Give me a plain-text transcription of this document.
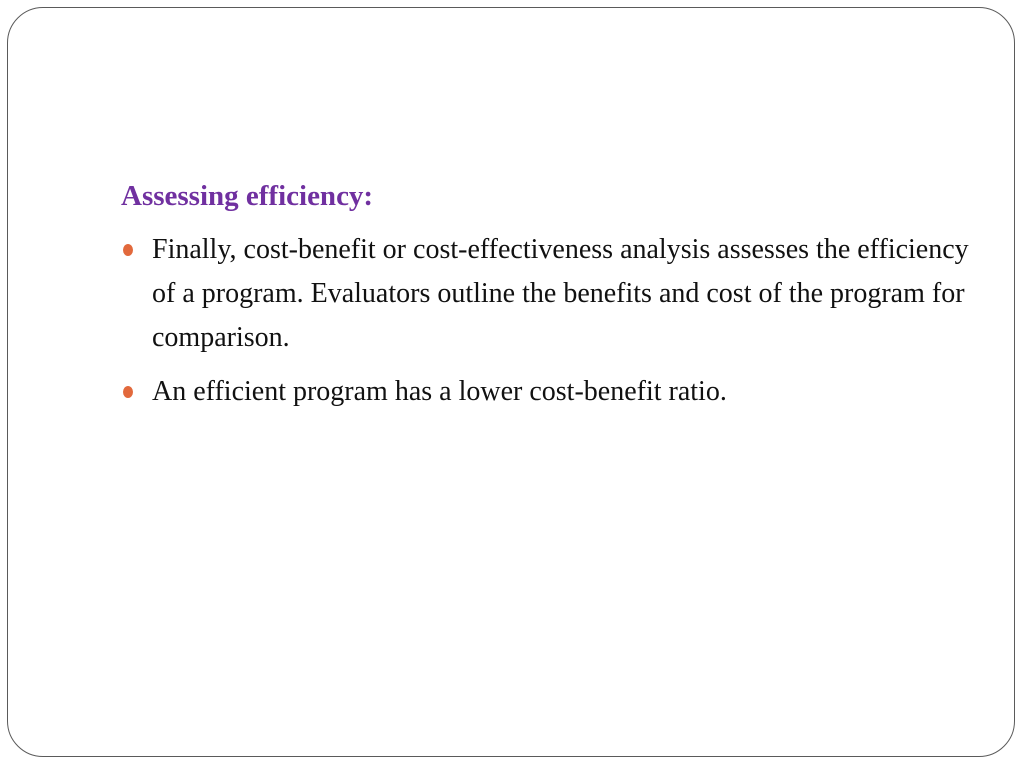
Assessing efficiency:
Finally, cost-benefit or cost-effectiveness analysis assesses the efficiency of a program. Evaluators outline the benefits and cost of the program for comparison.
An efficient program has a lower cost-benefit ratio.
